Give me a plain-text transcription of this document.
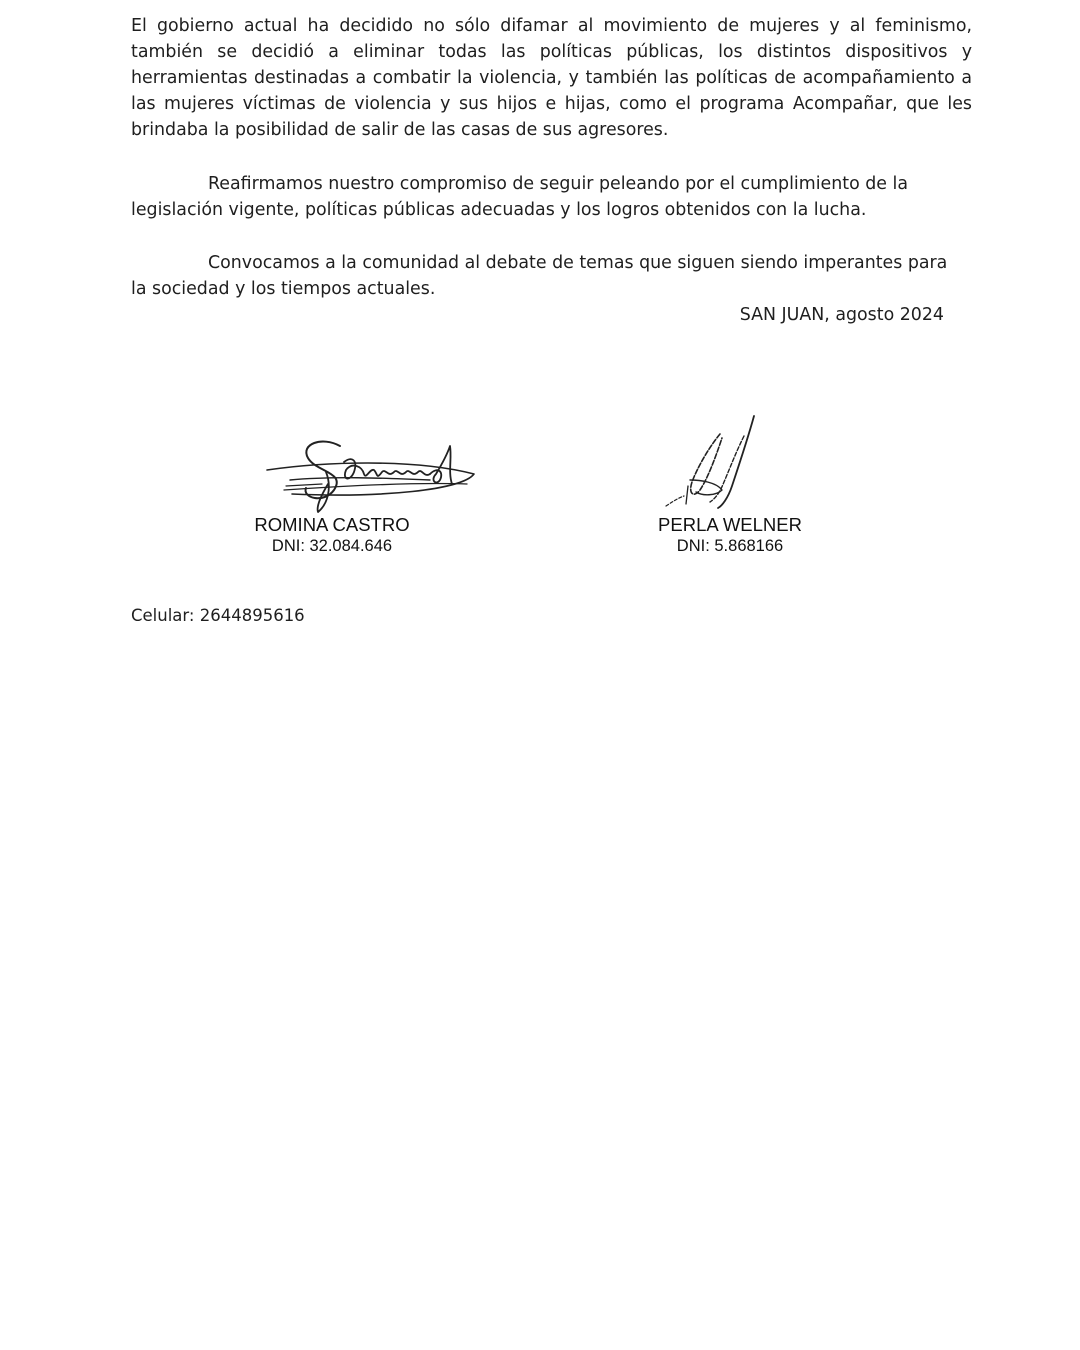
El gobierno actual ha decidido no sólo difamar al movimiento de mujeres y al feminismo, también se decidió a eliminar todas las políticas públicas, los distintos dispositivos y herramientas destinadas a combatir la violencia, y también las políticas de acompañamiento a las mujeres víctimas de violencia y sus hijos e hijas, como el programa Acompañar, que les brindaba la posibilidad de salir de las casas de sus agresores.

Reafirmamos nuestro compromiso de seguir peleando por el cumplimiento de la legislación vigente, políticas públicas adecuadas y los logros obtenidos con la lucha.

Convocamos a la comunidad al debate de temas que siguen siendo imperantes para la sociedad y los tiempos actuales.

SAN JUAN, agosto 2024
ROMINA CASTRO
DNI: 32.084.646
PERLA WELNER
DNI: 5.868166
Celular: 2644895616
